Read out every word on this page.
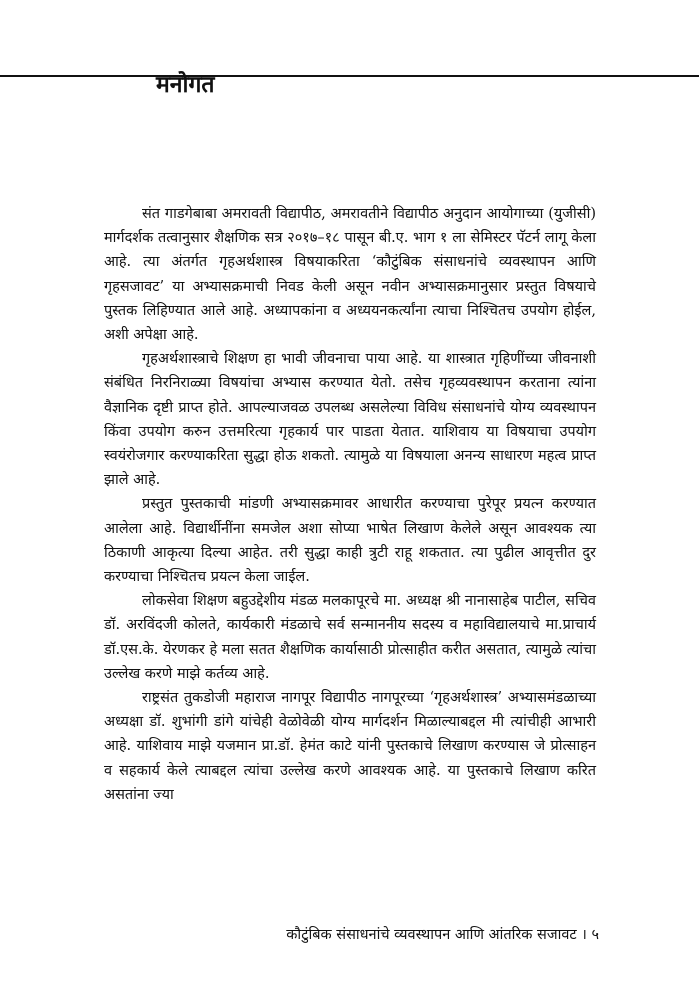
मनोगत

संत गाडगेबाबा अमरावती विद्यापीठ, अमरावतीने विद्यापीठ अनुदान आयोगाच्या (युजीसी) मार्गदर्शक तत्वानुसार शैक्षणिक सत्र २०१७–१८ पासून बी.ए. भाग १ ला सेमिस्टर पॅटर्न लागू केला आहे. त्या अंतर्गत गृहअर्थशास्त्र विषयाकरिता ‘कौटुंबिक संसाधनांचे व्यवस्थापन आणि गृहसजावट’ या अभ्यासक्रमाची निवड केली असून नवीन अभ्यासक्रमानुसार प्रस्तुत विषयाचे पुस्तक लिहिण्यात आले आहे. अध्यापकांना व अध्ययनकर्त्यांना त्याचा निश्चितच उपयोग होईल, अशी अपेक्षा आहे.

गृहअर्थशास्त्राचे शिक्षण हा भावी जीवनाचा पाया आहे. या शास्त्रात गृहिणींच्या जीवनाशी संबंधित निरनिराळ्या विषयांचा अभ्यास करण्यात येतो. तसेच गृहव्यवस्थापन करताना त्यांना वैज्ञानिक दृष्टी प्राप्त होते. आपल्याजवळ उपलब्ध असलेल्या विविध संसाधनांचे योग्य व्यवस्थापन किंवा उपयोग करुन उत्तमरित्या गृहकार्य पार पाडता येतात. याशिवाय या विषयाचा उपयोग स्वयंरोजगार करण्याकरिता सुद्धा होऊ शकतो. त्यामुळे या विषयाला अनन्य साधारण महत्व प्राप्त झाले आहे.

प्रस्तुत पुस्तकाची मांडणी अभ्यासक्रमावर आधारीत करण्याचा पुरेपूर प्रयत्न करण्यात आलेला आहे. विद्यार्थीनींना समजेल अशा सोप्या भाषेत लिखाण केलेले असून आवश्यक त्या ठिकाणी आकृत्या दिल्या आहेत. तरी सुद्धा काही त्रुटी राहू शकतात. त्या पुढील आवृत्तीत दुर करण्याचा निश्चितच प्रयत्न केला जाईल.

लोकसेवा शिक्षण बहुउद्देशीय मंडळ मलकापूरचे मा. अध्यक्ष श्री नानासाहेब पाटील, सचिव डॉ. अरविंदजी कोलते, कार्यकारी मंडळाचे सर्व सन्माननीय सदस्य व महाविद्यालयाचे मा.प्राचार्य डॉ.एस.के. येरणकर हे मला सतत शैक्षणिक कार्यासाठी प्रोत्साहीत करीत असतात, त्यामुळे त्यांचा उल्लेख करणे माझे कर्तव्य आहे.

राष्ट्रसंत तुकडोजी महाराज नागपूर विद्यापीठ नागपूरच्या ‘गृहअर्थशास्त्र’ अभ्यासमंडळाच्या अध्यक्षा डॉ. शुभांगी डांगे यांचेही वेळोवेळी योग्य मार्गदर्शन मिळाल्याबद्दल मी त्यांचीही आभारी आहे. याशिवाय माझे यजमान प्रा.डॉ. हेमंत काटे यांनी पुस्तकाचे लिखाण करण्यास जे प्रोत्साहन व सहकार्य केले त्याबद्दल त्यांचा उल्लेख करणे आवश्यक आहे. या पुस्तकाचे लिखाण करित असतांना ज्या

कौटुंबिक संसाधनांचे व्यवस्थापन आणि आंतरिक सजावट । ५
